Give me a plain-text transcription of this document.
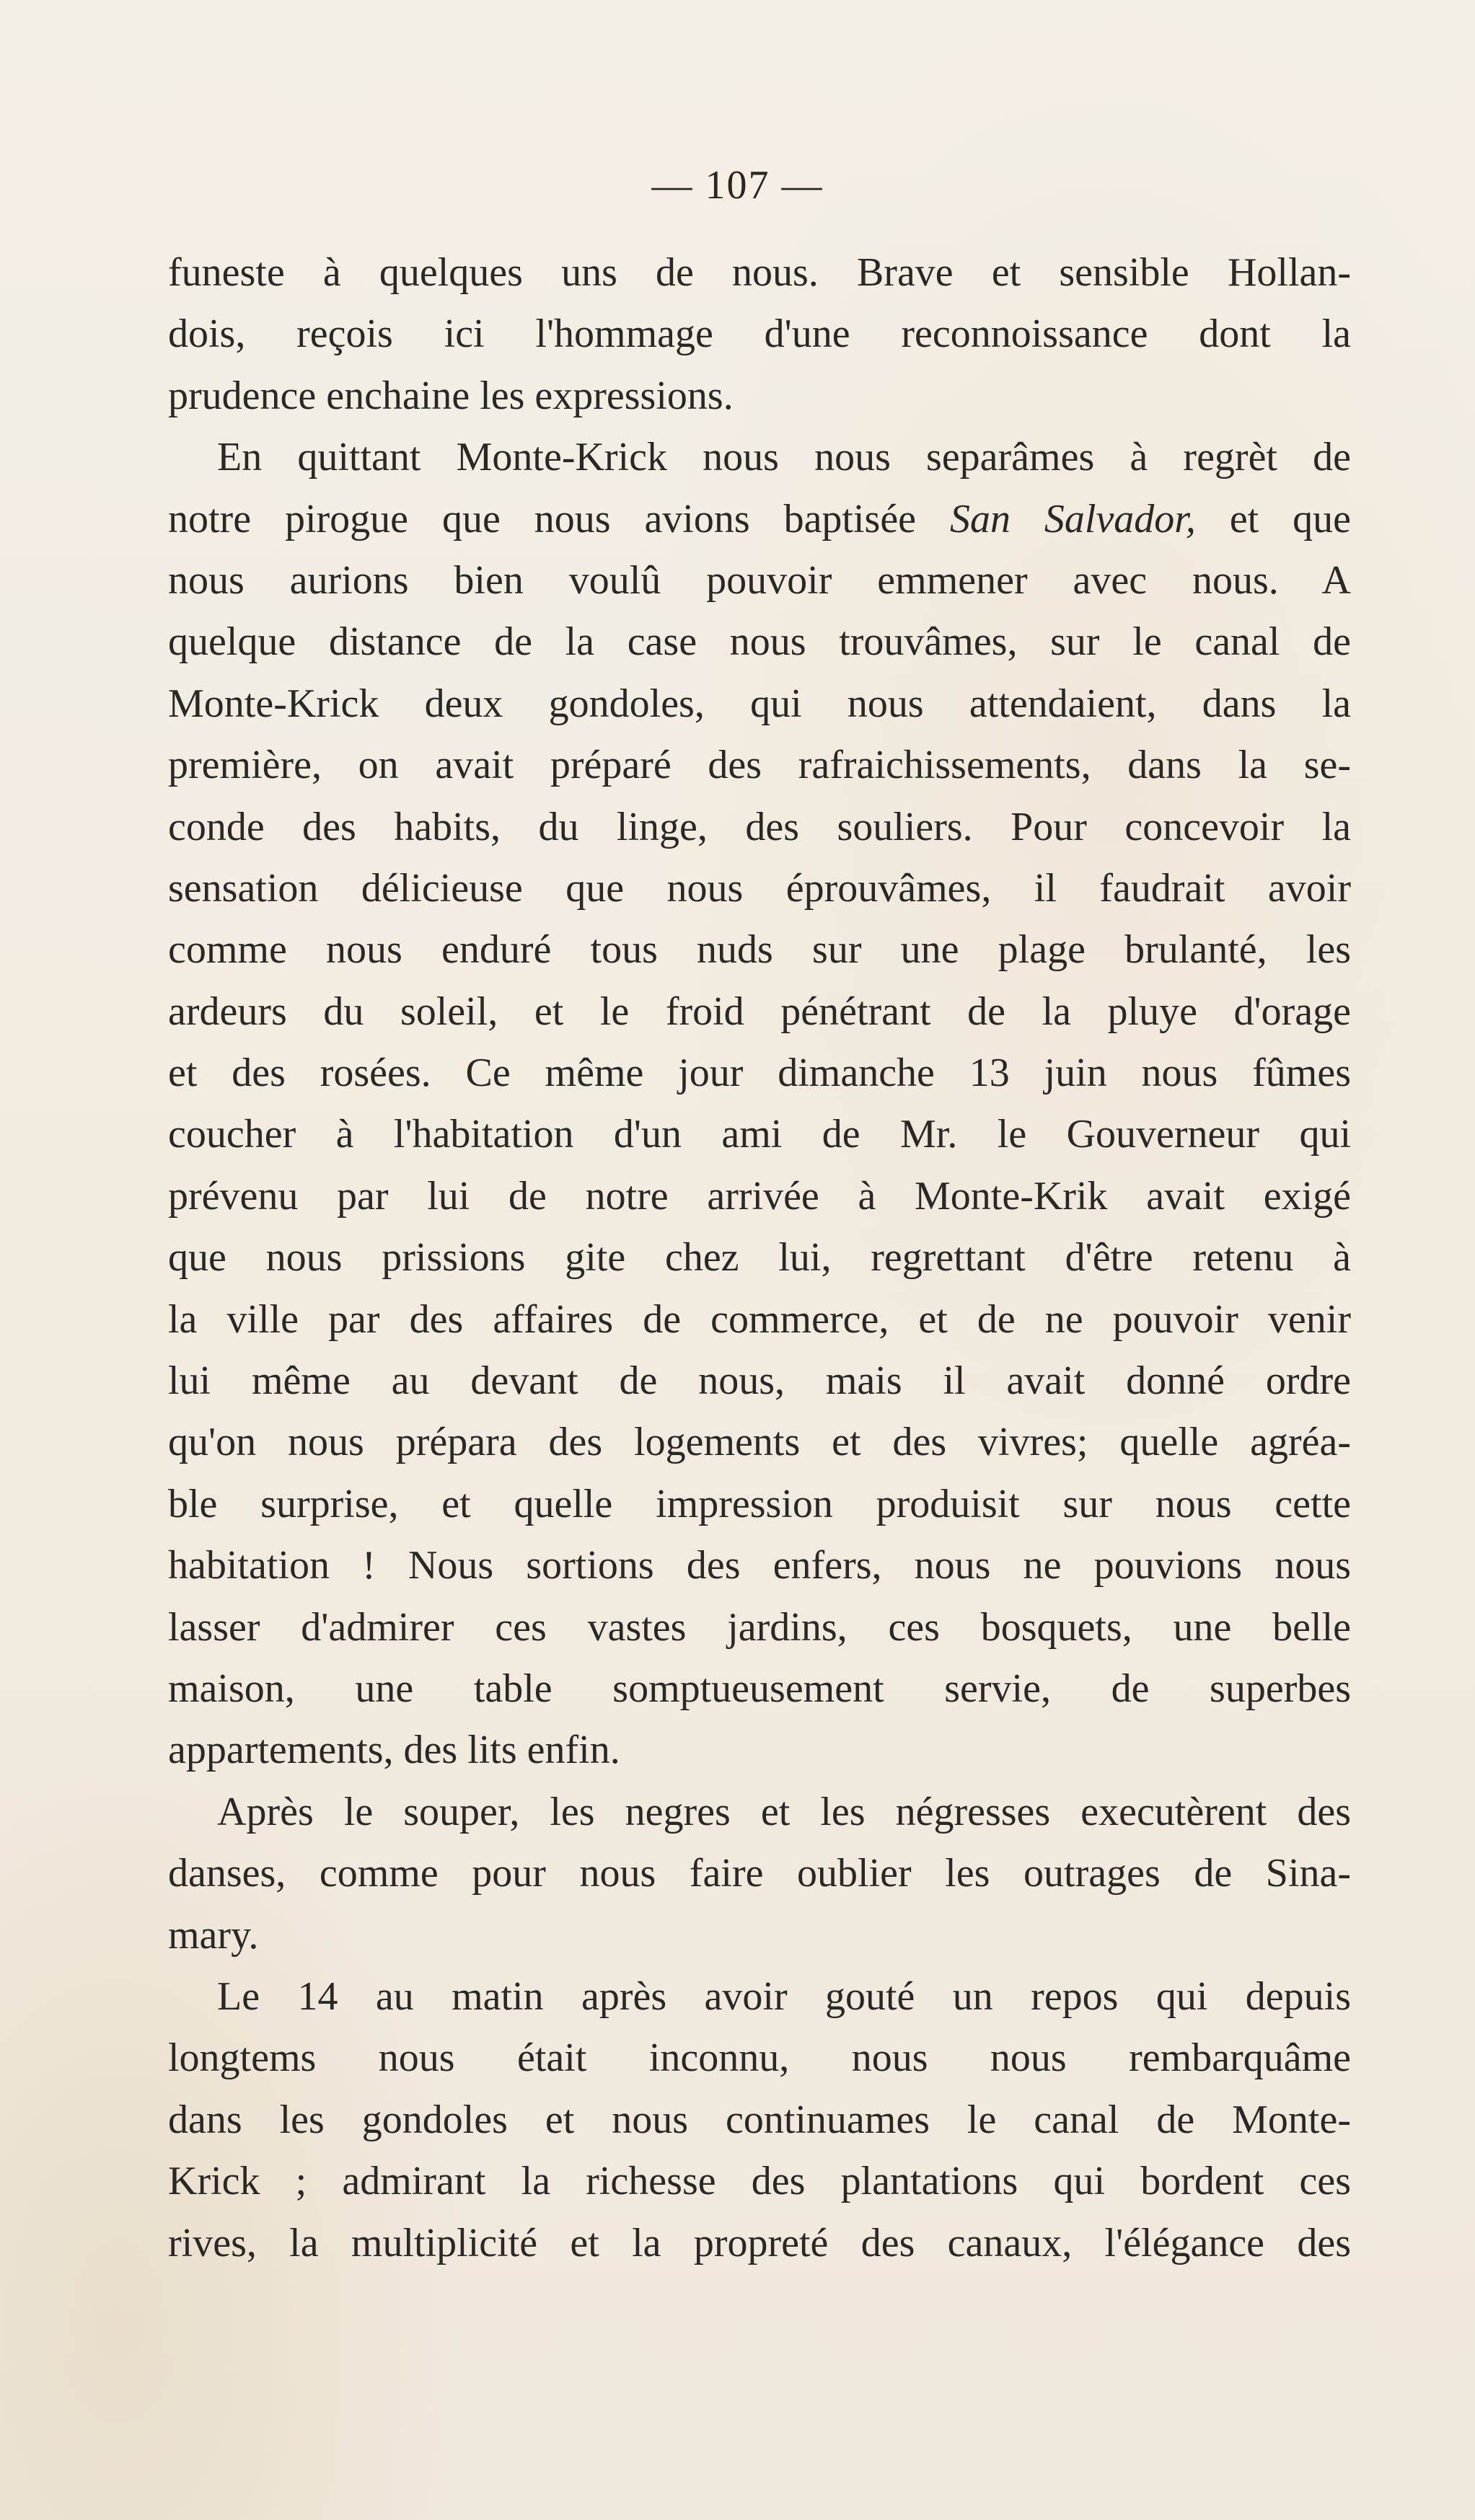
— 107 —
funeste à quelques uns de nous. Brave et sensible Hollan-
dois, reçois ici l'hommage d'une reconnoissance dont la
prudence enchaine les expressions.
En quittant Monte-Krick nous nous separâmes à regrèt de
notre pirogue que nous avions baptisée San Salvador, et que
nous aurions bien voulû pouvoir emmener avec nous. A
quelque distance de la case nous trouvâmes, sur le canal de
Monte-Krick deux gondoles, qui nous attendaient, dans la
première, on avait préparé des rafraichissements, dans la se-
conde des habits, du linge, des souliers. Pour concevoir la
sensation délicieuse que nous éprouvâmes, il faudrait avoir
comme nous enduré tous nuds sur une plage brulanté, les
ardeurs du soleil, et le froid pénétrant de la pluye d'orage
et des rosées. Ce même jour dimanche 13 juin nous fûmes
coucher à l'habitation d'un ami de Mr. le Gouverneur qui
prévenu par lui de notre arrivée à Monte-Krik avait exigé
que nous prissions gite chez lui, regrettant d'être retenu à
la ville par des affaires de commerce, et de ne pouvoir venir
lui même au devant de nous, mais il avait donné ordre
qu'on nous prépara des logements et des vivres; quelle agréa-
ble surprise, et quelle impression produisit sur nous cette
habitation ! Nous sortions des enfers, nous ne pouvions nous
lasser d'admirer ces vastes jardins, ces bosquets, une belle
maison, une table somptueusement servie, de superbes
appartements, des lits enfin.
Après le souper, les negres et les négresses executèrent des
danses, comme pour nous faire oublier les outrages de Sina-
mary.
Le 14 au matin après avoir gouté un repos qui depuis
longtems nous était inconnu, nous nous rembarquâme
dans les gondoles et nous continuames le canal de Monte-
Krick ; admirant la richesse des plantations qui bordent ces
rives, la multiplicité et la propreté des canaux, l'élégance des
